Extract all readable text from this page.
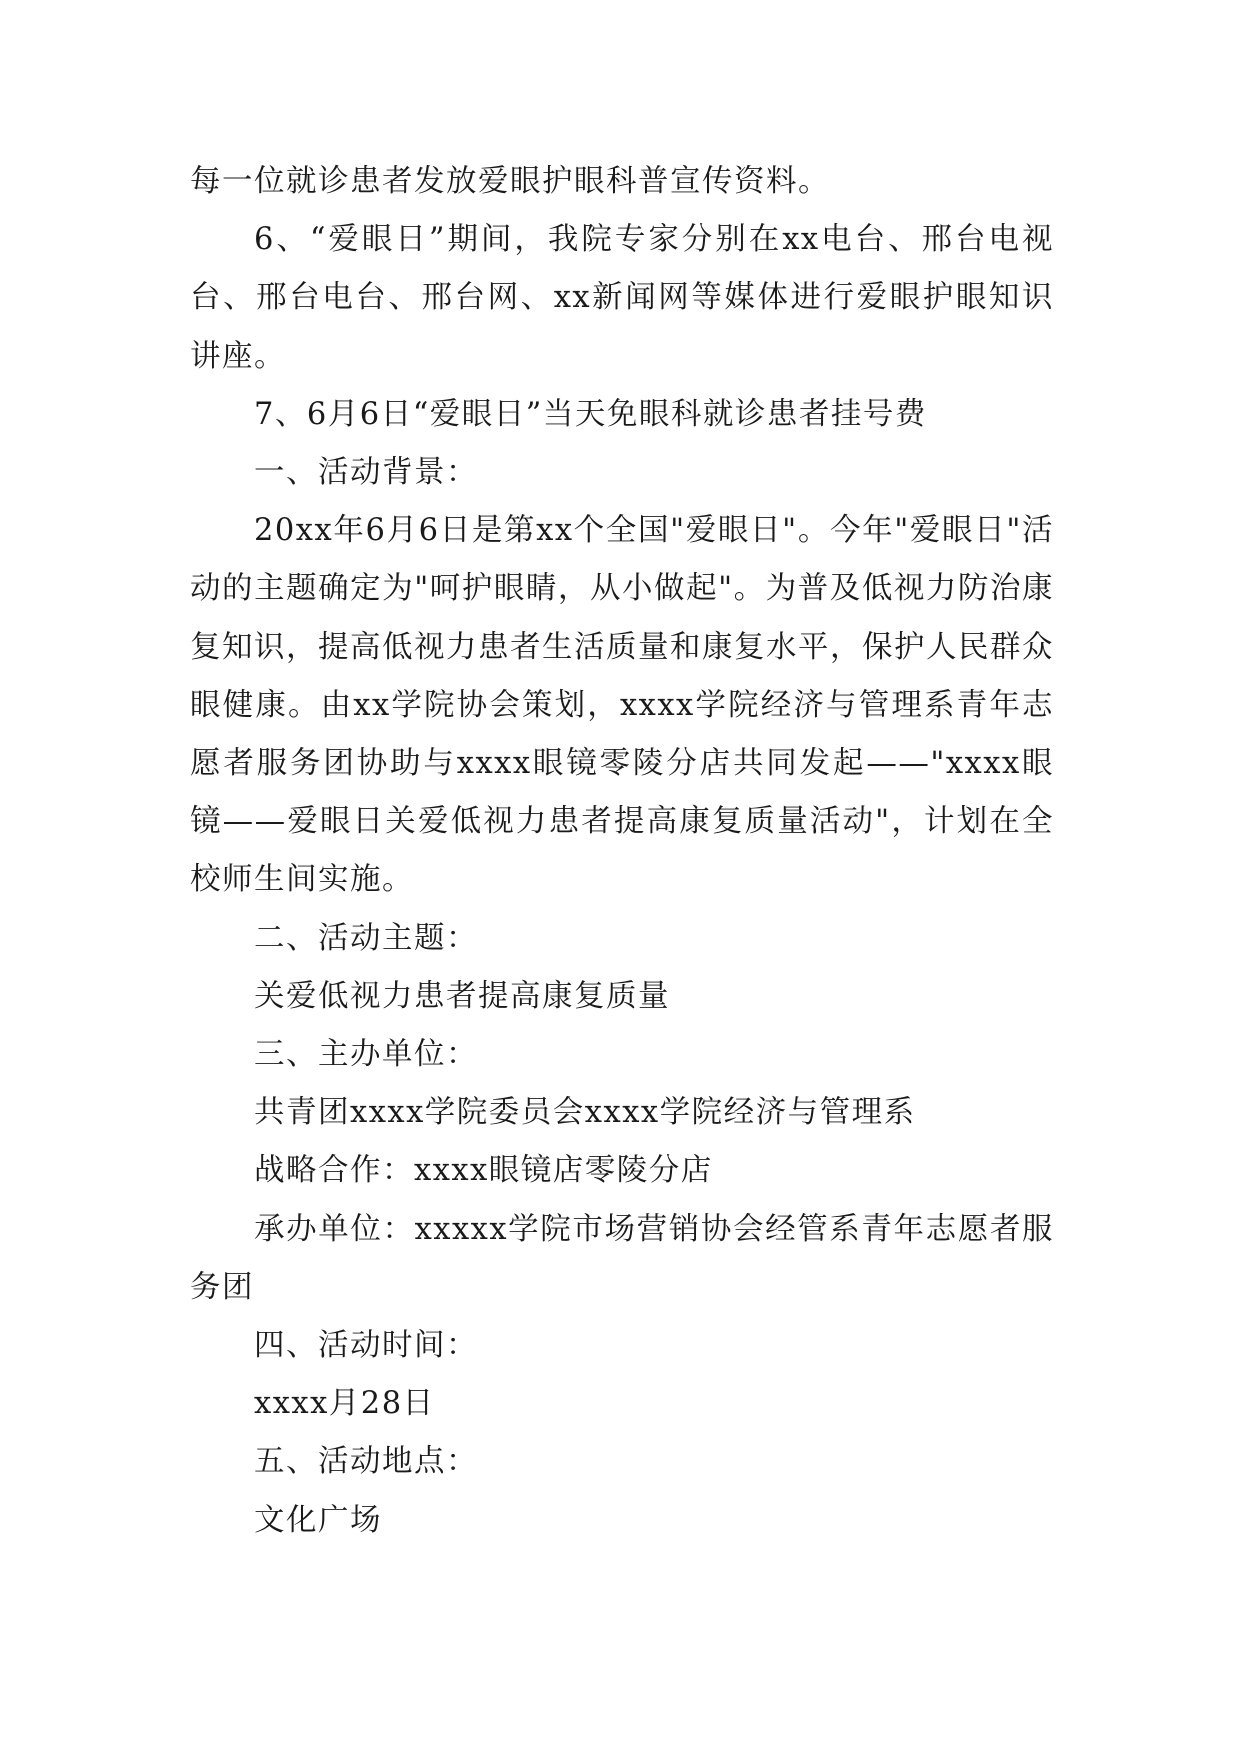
每一位就诊患者发放爱眼护眼科普宣传资料。

6、“爱眼日”期间，我院专家分别在xx电台、邢台电视台、邢台电台、邢台网、xx新闻网等媒体进行爱眼护眼知识讲座。

7、6月6日“爱眼日”当天免眼科就诊患者挂号费

一、活动背景：

20xx年6月6日是第xx个全国"爱眼日"。今年"爱眼日"活动的主题确定为"呵护眼睛，从小做起"。为普及低视力防治康复知识，提高低视力患者生活质量和康复水平，保护人民群众眼健康。由xx学院协会策划，xxxx学院经济与管理系青年志愿者服务团协助与xxxx眼镜零陵分店共同发起——"xxxx眼镜——爱眼日关爱低视力患者提高康复质量活动"，计划在全校师生间实施。

二、活动主题：

关爱低视力患者提高康复质量

三、主办单位：

共青团xxxx学院委员会xxxx学院经济与管理系

战略合作：xxxx眼镜店零陵分店

承办单位：xxxxx学院市场营销协会经管系青年志愿者服务团

四、活动时间：

xxxx月28日

五、活动地点：

文化广场
